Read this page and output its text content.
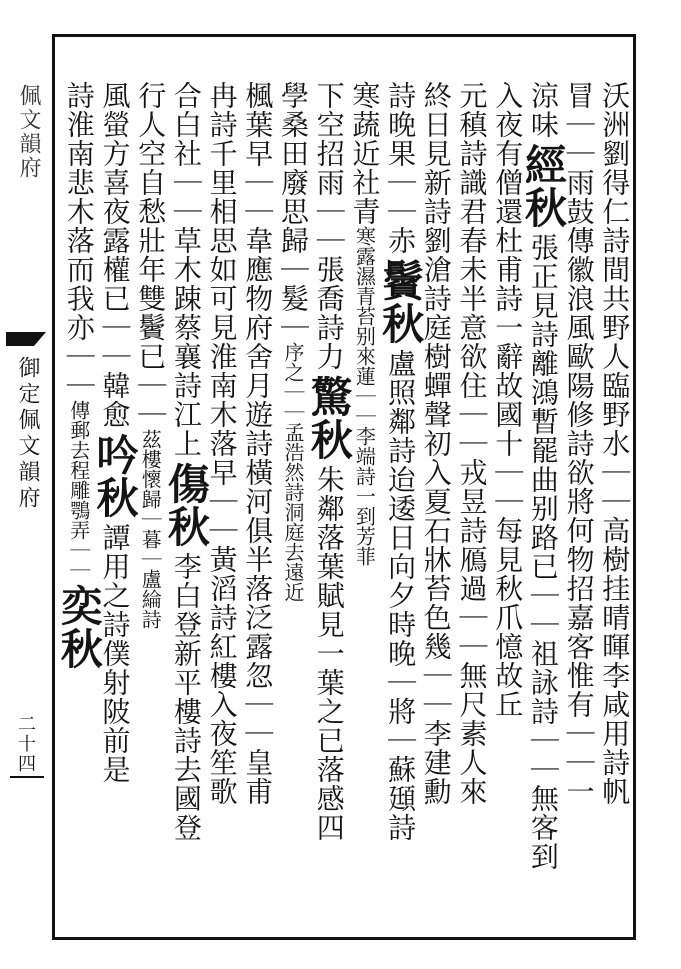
佩文韻府
御定佩文韻府
二十四	沃洲劉得仁詩間共野人臨野水｜｜高樹挂晴暉李咸用詩帆
冒｜｜雨鼓傳徽浪風歐陽修詩欲將何物招嘉客惟有｜｜一
涼味經秋張正見詩離鴻暫罷曲别路已｜｜祖詠詩｜｜無客到
入夜有僧還杜甫詩一辭故國十｜｜每見秋爪憶故丘
元稹詩識君春未半意欲住｜｜戎昱詩鴈過｜｜無尺素人來
終日見新詩劉滄詩庭樹蟬聲初入夏石牀苔色幾｜｜李建勳
詩晚果｜｜赤鬢秋盧照鄰詩迨逶日向夕時晚｜將｜蘇頲詩
寒蔬近社青寒露濕青苔别來蓮｜｜李端詩一到芳菲
下空招雨｜｜張喬詩力驚秋朱鄰落葉賦見一葉之已落感四
學桑田廢思歸｜髮｜序之｜｜孟浩然詩洞庭去遠近
楓葉早｜｜韋應物府舍月遊詩橫河俱半落泛露忽｜｜皇甫
冉詩千里相思如可見淮南木落早｜｜黃滔詩紅樓入夜笙歌
合白社｜｜草木踈蔡襄詩江上傷秋李白登新平樓詩去國登
行人空自愁壯年雙鬢已｜｜茲樓懷歸｜暮｜盧綸詩
風螢方喜夜露權已｜｜韓愈吟秋譚用之詩僕射陂前是
詩淮南悲木落而我亦｜｜傳郵去程雕鶚弄｜｜奕秋
